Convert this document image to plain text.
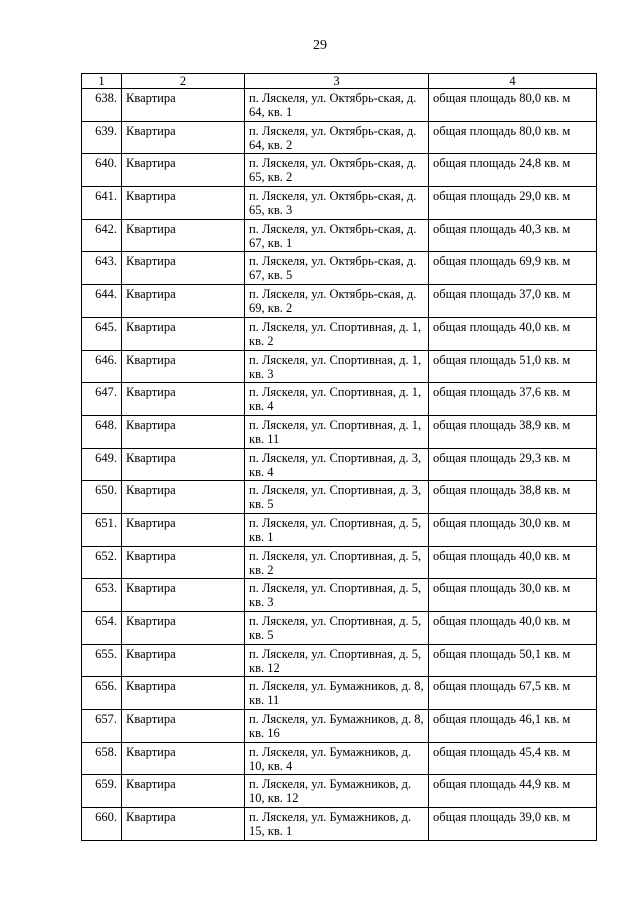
29
1	2	3	4
638.	Квартира	п. Ляскеля, ул. Октябрь-ская, д. 64, кв. 1	общая площадь 80,0 кв. м
639.	Квартира	п. Ляскеля, ул. Октябрь-ская, д. 64, кв. 2	общая площадь 80,0 кв. м
640.	Квартира	п. Ляскеля, ул. Октябрь-ская, д. 65, кв. 2	общая площадь 24,8 кв. м
641.	Квартира	п. Ляскеля, ул. Октябрь-ская, д. 65, кв. 3	общая площадь 29,0 кв. м
642.	Квартира	п. Ляскеля, ул. Октябрь-ская, д. 67, кв. 1	общая площадь 40,3 кв. м
643.	Квартира	п. Ляскеля, ул. Октябрь-ская, д. 67, кв. 5	общая площадь 69,9 кв. м
644.	Квартира	п. Ляскеля, ул. Октябрь-ская, д. 69, кв. 2	общая площадь 37,0 кв. м
645.	Квартира	п. Ляскеля, ул. Спортивная, д. 1, кв. 2	общая площадь 40,0 кв. м
646.	Квартира	п. Ляскеля, ул. Спортивная, д. 1, кв. 3	общая площадь 51,0 кв. м
647.	Квартира	п. Ляскеля, ул. Спортивная, д. 1, кв. 4	общая площадь 37,6 кв. м
648.	Квартира	п. Ляскеля, ул. Спортивная, д. 1, кв. 11	общая площадь 38,9 кв. м
649.	Квартира	п. Ляскеля, ул. Спортивная, д. 3, кв. 4	общая площадь 29,3 кв. м
650.	Квартира	п. Ляскеля, ул. Спортивная, д. 3, кв. 5	общая площадь 38,8 кв. м
651.	Квартира	п. Ляскеля, ул. Спортивная, д. 5, кв. 1	общая площадь 30,0 кв. м
652.	Квартира	п. Ляскеля, ул. Спортивная, д. 5, кв. 2	общая площадь 40,0 кв. м
653.	Квартира	п. Ляскеля, ул. Спортивная, д. 5, кв. 3	общая площадь 30,0 кв. м
654.	Квартира	п. Ляскеля, ул. Спортивная, д. 5, кв. 5	общая площадь 40,0 кв. м
655.	Квартира	п. Ляскеля, ул. Спортивная, д. 5, кв. 12	общая площадь 50,1 кв. м
656.	Квартира	п. Ляскеля, ул. Бумажников, д. 8, кв. 11	общая площадь 67,5 кв. м
657.	Квартира	п. Ляскеля, ул. Бумажников, д. 8, кв. 16	общая площадь 46,1 кв. м
658.	Квартира	п. Ляскеля, ул. Бумажников, д. 10, кв. 4	общая площадь 45,4 кв. м
659.	Квартира	п. Ляскеля, ул. Бумажников, д. 10, кв. 12	общая площадь 44,9 кв. м
660.	Квартира	п. Ляскеля, ул. Бумажников, д. 15, кв. 1	общая площадь 39,0 кв. м
